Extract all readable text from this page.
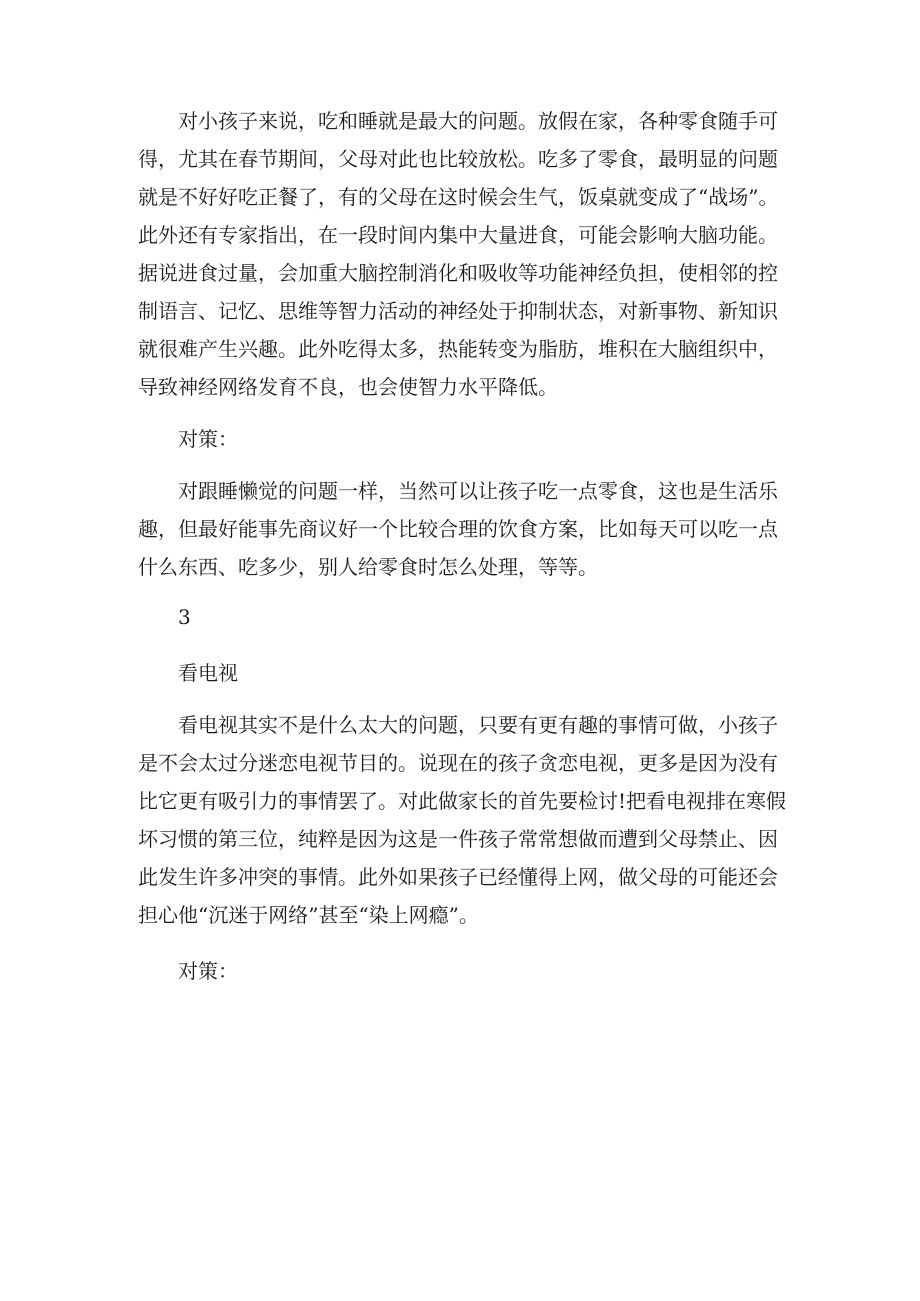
对小孩子来说，吃和睡就是最大的问题。放假在家，各种零食随手可
得，尤其在春节期间，父母对此也比较放松。吃多了零食，最明显的问题
就是不好好吃正餐了，有的父母在这时候会生气，饭桌就变成了“战场”。
此外还有专家指出，在一段时间内集中大量进食，可能会影响大脑功能。
据说进食过量，会加重大脑控制消化和吸收等功能神经负担，使相邻的控
制语言、记忆、思维等智力活动的神经处于抑制状态，对新事物、新知识
就很难产生兴趣。此外吃得太多，热能转变为脂肪，堆积在大脑组织中，
导致神经网络发育不良，也会使智力水平降低。
对策：
对跟睡懒觉的问题一样，当然可以让孩子吃一点零食，这也是生活乐
趣，但最好能事先商议好一个比较合理的饮食方案，比如每天可以吃一点
什么东西、吃多少，别人给零食时怎么处理，等等。
3
看电视
看电视其实不是什么太大的问题，只要有更有趣的事情可做，小孩子
是不会太过分迷恋电视节目的。说现在的孩子贪恋电视，更多是因为没有
比它更有吸引力的事情罢了。对此做家长的首先要检讨!把看电视排在寒假
坏习惯的第三位，纯粹是因为这是一件孩子常常想做而遭到父母禁止、因
此发生许多冲突的事情。此外如果孩子已经懂得上网，做父母的可能还会
担心他“沉迷于网络”甚至“染上网瘾”。
对策：
